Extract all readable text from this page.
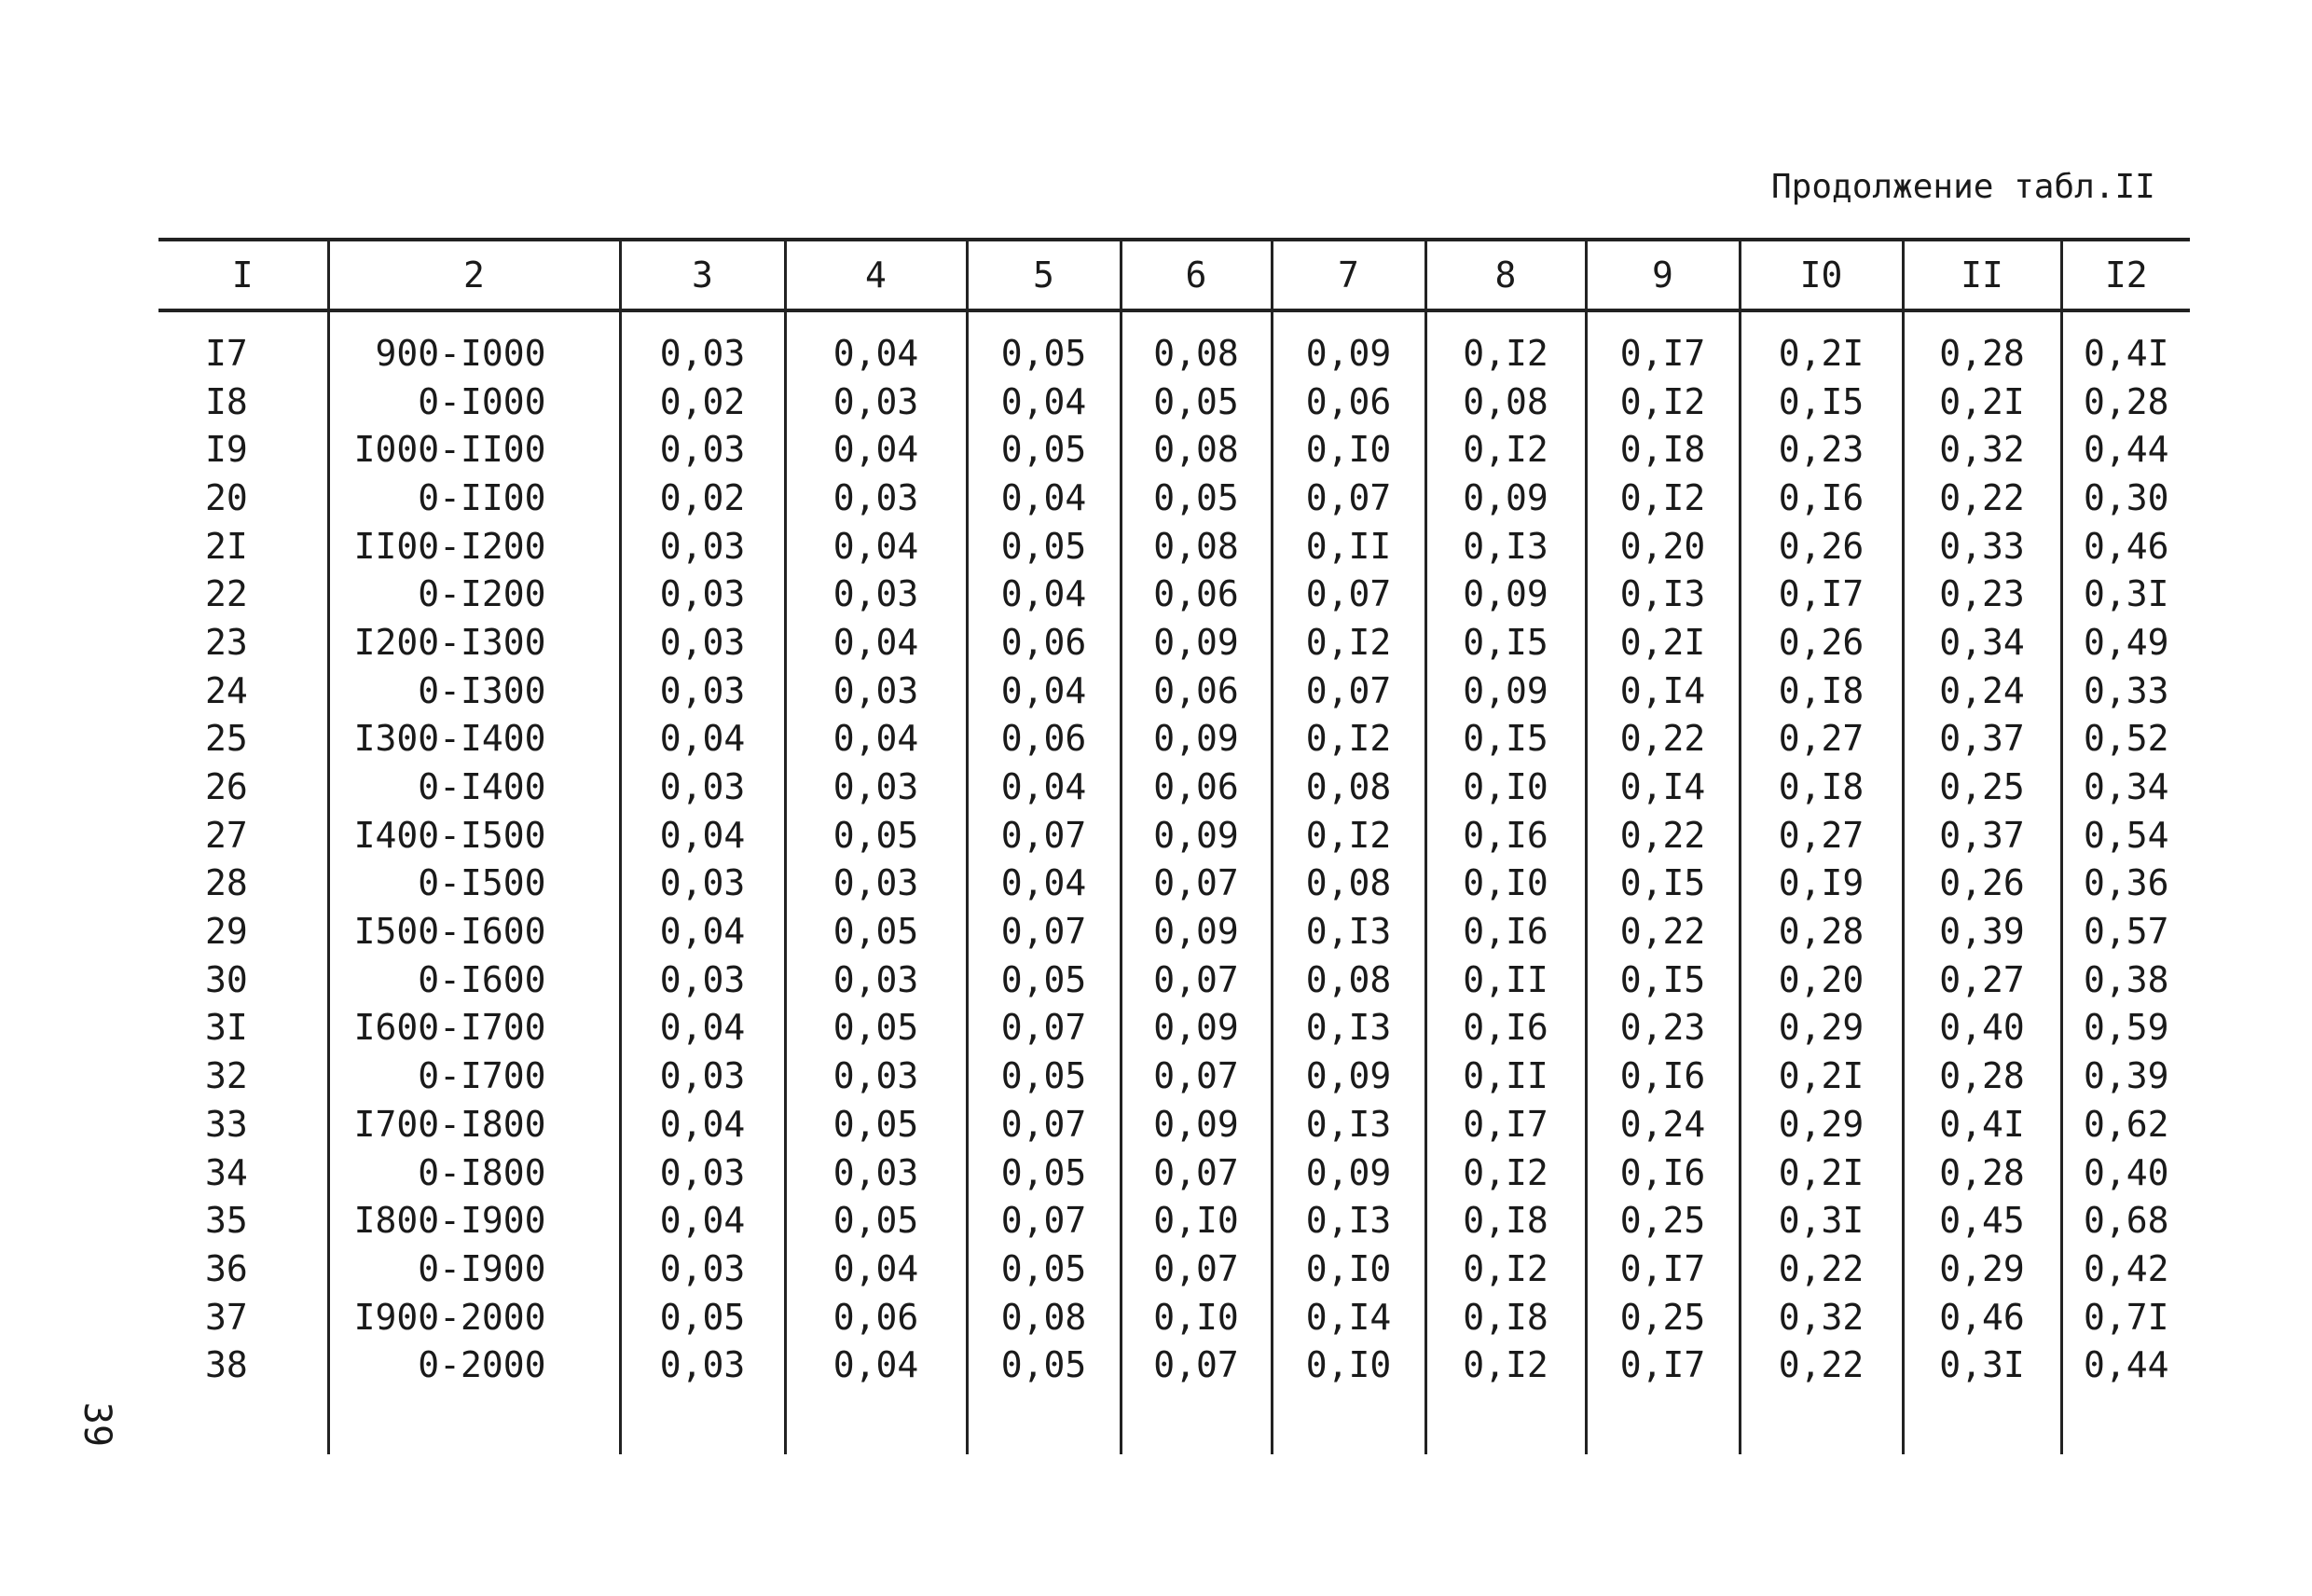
Продолжение табл.II
39
I	2	3	4	5	6	7	8	9	I0	II	I2
I7	900-I000	0,03	0,04	0,05	0,08	0,09	0,I2	0,I7	0,2I	0,28	0,4I
I8	0-I000	0,02	0,03	0,04	0,05	0,06	0,08	0,I2	0,I5	0,2I	0,28
I9	I000-II00	0,03	0,04	0,05	0,08	0,I0	0,I2	0,I8	0,23	0,32	0,44
20	0-II00	0,02	0,03	0,04	0,05	0,07	0,09	0,I2	0,I6	0,22	0,30
2I	II00-I200	0,03	0,04	0,05	0,08	0,II	0,I3	0,20	0,26	0,33	0,46
22	0-I200	0,03	0,03	0,04	0,06	0,07	0,09	0,I3	0,I7	0,23	0,3I
23	I200-I300	0,03	0,04	0,06	0,09	0,I2	0,I5	0,2I	0,26	0,34	0,49
24	0-I300	0,03	0,03	0,04	0,06	0,07	0,09	0,I4	0,I8	0,24	0,33
25	I300-I400	0,04	0,04	0,06	0,09	0,I2	0,I5	0,22	0,27	0,37	0,52
26	0-I400	0,03	0,03	0,04	0,06	0,08	0,I0	0,I4	0,I8	0,25	0,34
27	I400-I500	0,04	0,05	0,07	0,09	0,I2	0,I6	0,22	0,27	0,37	0,54
28	0-I500	0,03	0,03	0,04	0,07	0,08	0,I0	0,I5	0,I9	0,26	0,36
29	I500-I600	0,04	0,05	0,07	0,09	0,I3	0,I6	0,22	0,28	0,39	0,57
30	0-I600	0,03	0,03	0,05	0,07	0,08	0,II	0,I5	0,20	0,27	0,38
3I	I600-I700	0,04	0,05	0,07	0,09	0,I3	0,I6	0,23	0,29	0,40	0,59
32	0-I700	0,03	0,03	0,05	0,07	0,09	0,II	0,I6	0,2I	0,28	0,39
33	I700-I800	0,04	0,05	0,07	0,09	0,I3	0,I7	0,24	0,29	0,4I	0,62
34	0-I800	0,03	0,03	0,05	0,07	0,09	0,I2	0,I6	0,2I	0,28	0,40
35	I800-I900	0,04	0,05	0,07	0,I0	0,I3	0,I8	0,25	0,3I	0,45	0,68
36	0-I900	0,03	0,04	0,05	0,07	0,I0	0,I2	0,I7	0,22	0,29	0,42
37	I900-2000	0,05	0,06	0,08	0,I0	0,I4	0,I8	0,25	0,32	0,46	0,7I
38	0-2000	0,03	0,04	0,05	0,07	0,I0	0,I2	0,I7	0,22	0,3I	0,44
